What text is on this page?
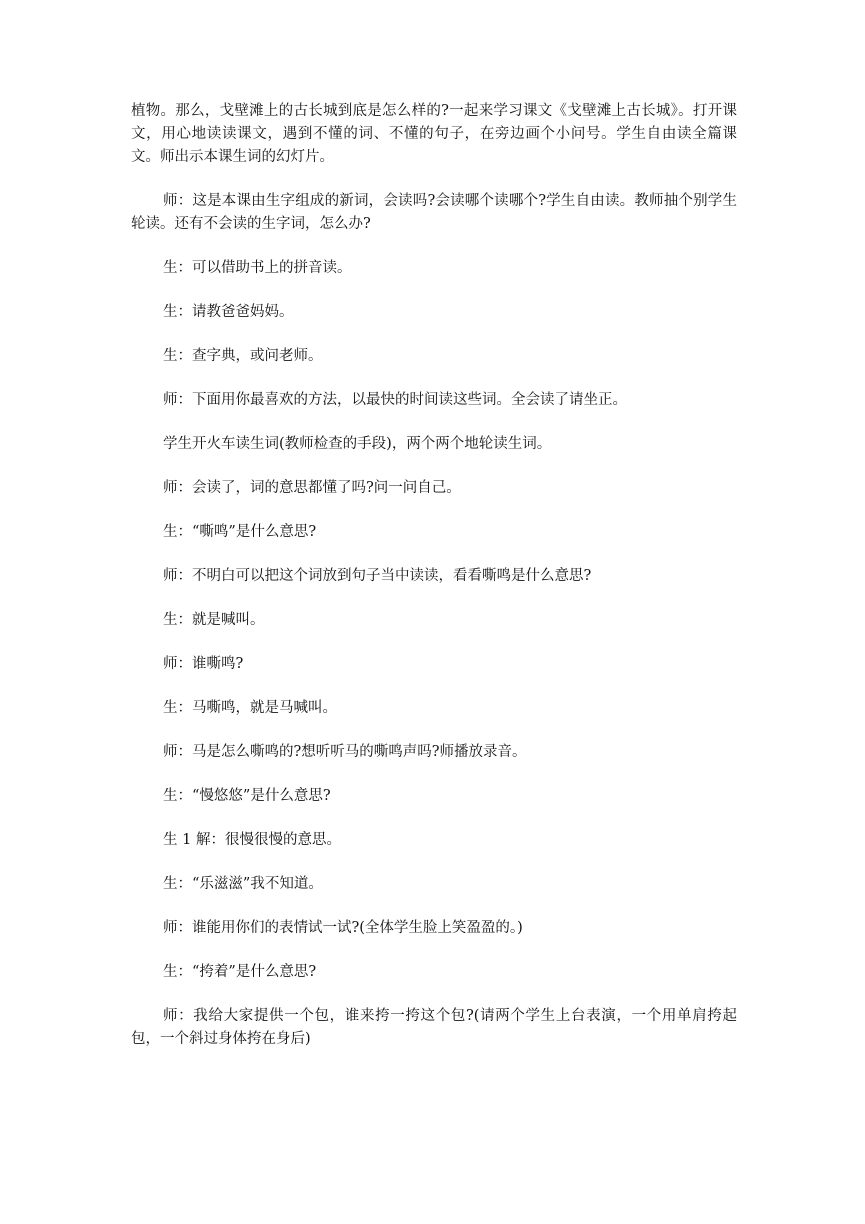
植物。那么，戈壁滩上的古长城到底是怎么样的?一起来学习课文《戈壁滩上古长城》。打开课文，用心地读读课文，遇到不懂的词、不懂的句子，在旁边画个小问号。学生自由读全篇课文。师出示本课生词的幻灯片。

师：这是本课由生字组成的新词，会读吗?会读哪个读哪个?学生自由读。教师抽个别学生轮读。还有不会读的生字词，怎么办?

生：可以借助书上的拼音读。

生：请教爸爸妈妈。

生：查字典，或问老师。

师：下面用你最喜欢的方法，以最快的时间读这些词。全会读了请坐正。

学生开火车读生词(教师检查的手段)，两个两个地轮读生词。

师：会读了，词的意思都懂了吗?问一问自己。

生：“嘶鸣”是什么意思?

师：不明白可以把这个词放到句子当中读读，看看嘶鸣是什么意思?

生：就是喊叫。

师：谁嘶鸣?

生：马嘶鸣，就是马喊叫。

师：马是怎么嘶鸣的?想听听马的嘶鸣声吗?师播放录音。

生：“慢悠悠”是什么意思?

生 1 解：很慢很慢的意思。

生：“乐滋滋”我不知道。

师：谁能用你们的表情试一试?(全体学生脸上笑盈盈的。)

生：“挎着”是什么意思?

师：我给大家提供一个包，谁来挎一挎这个包?(请两个学生上台表演，一个用单肩挎起包，一个斜过身体挎在身后)
